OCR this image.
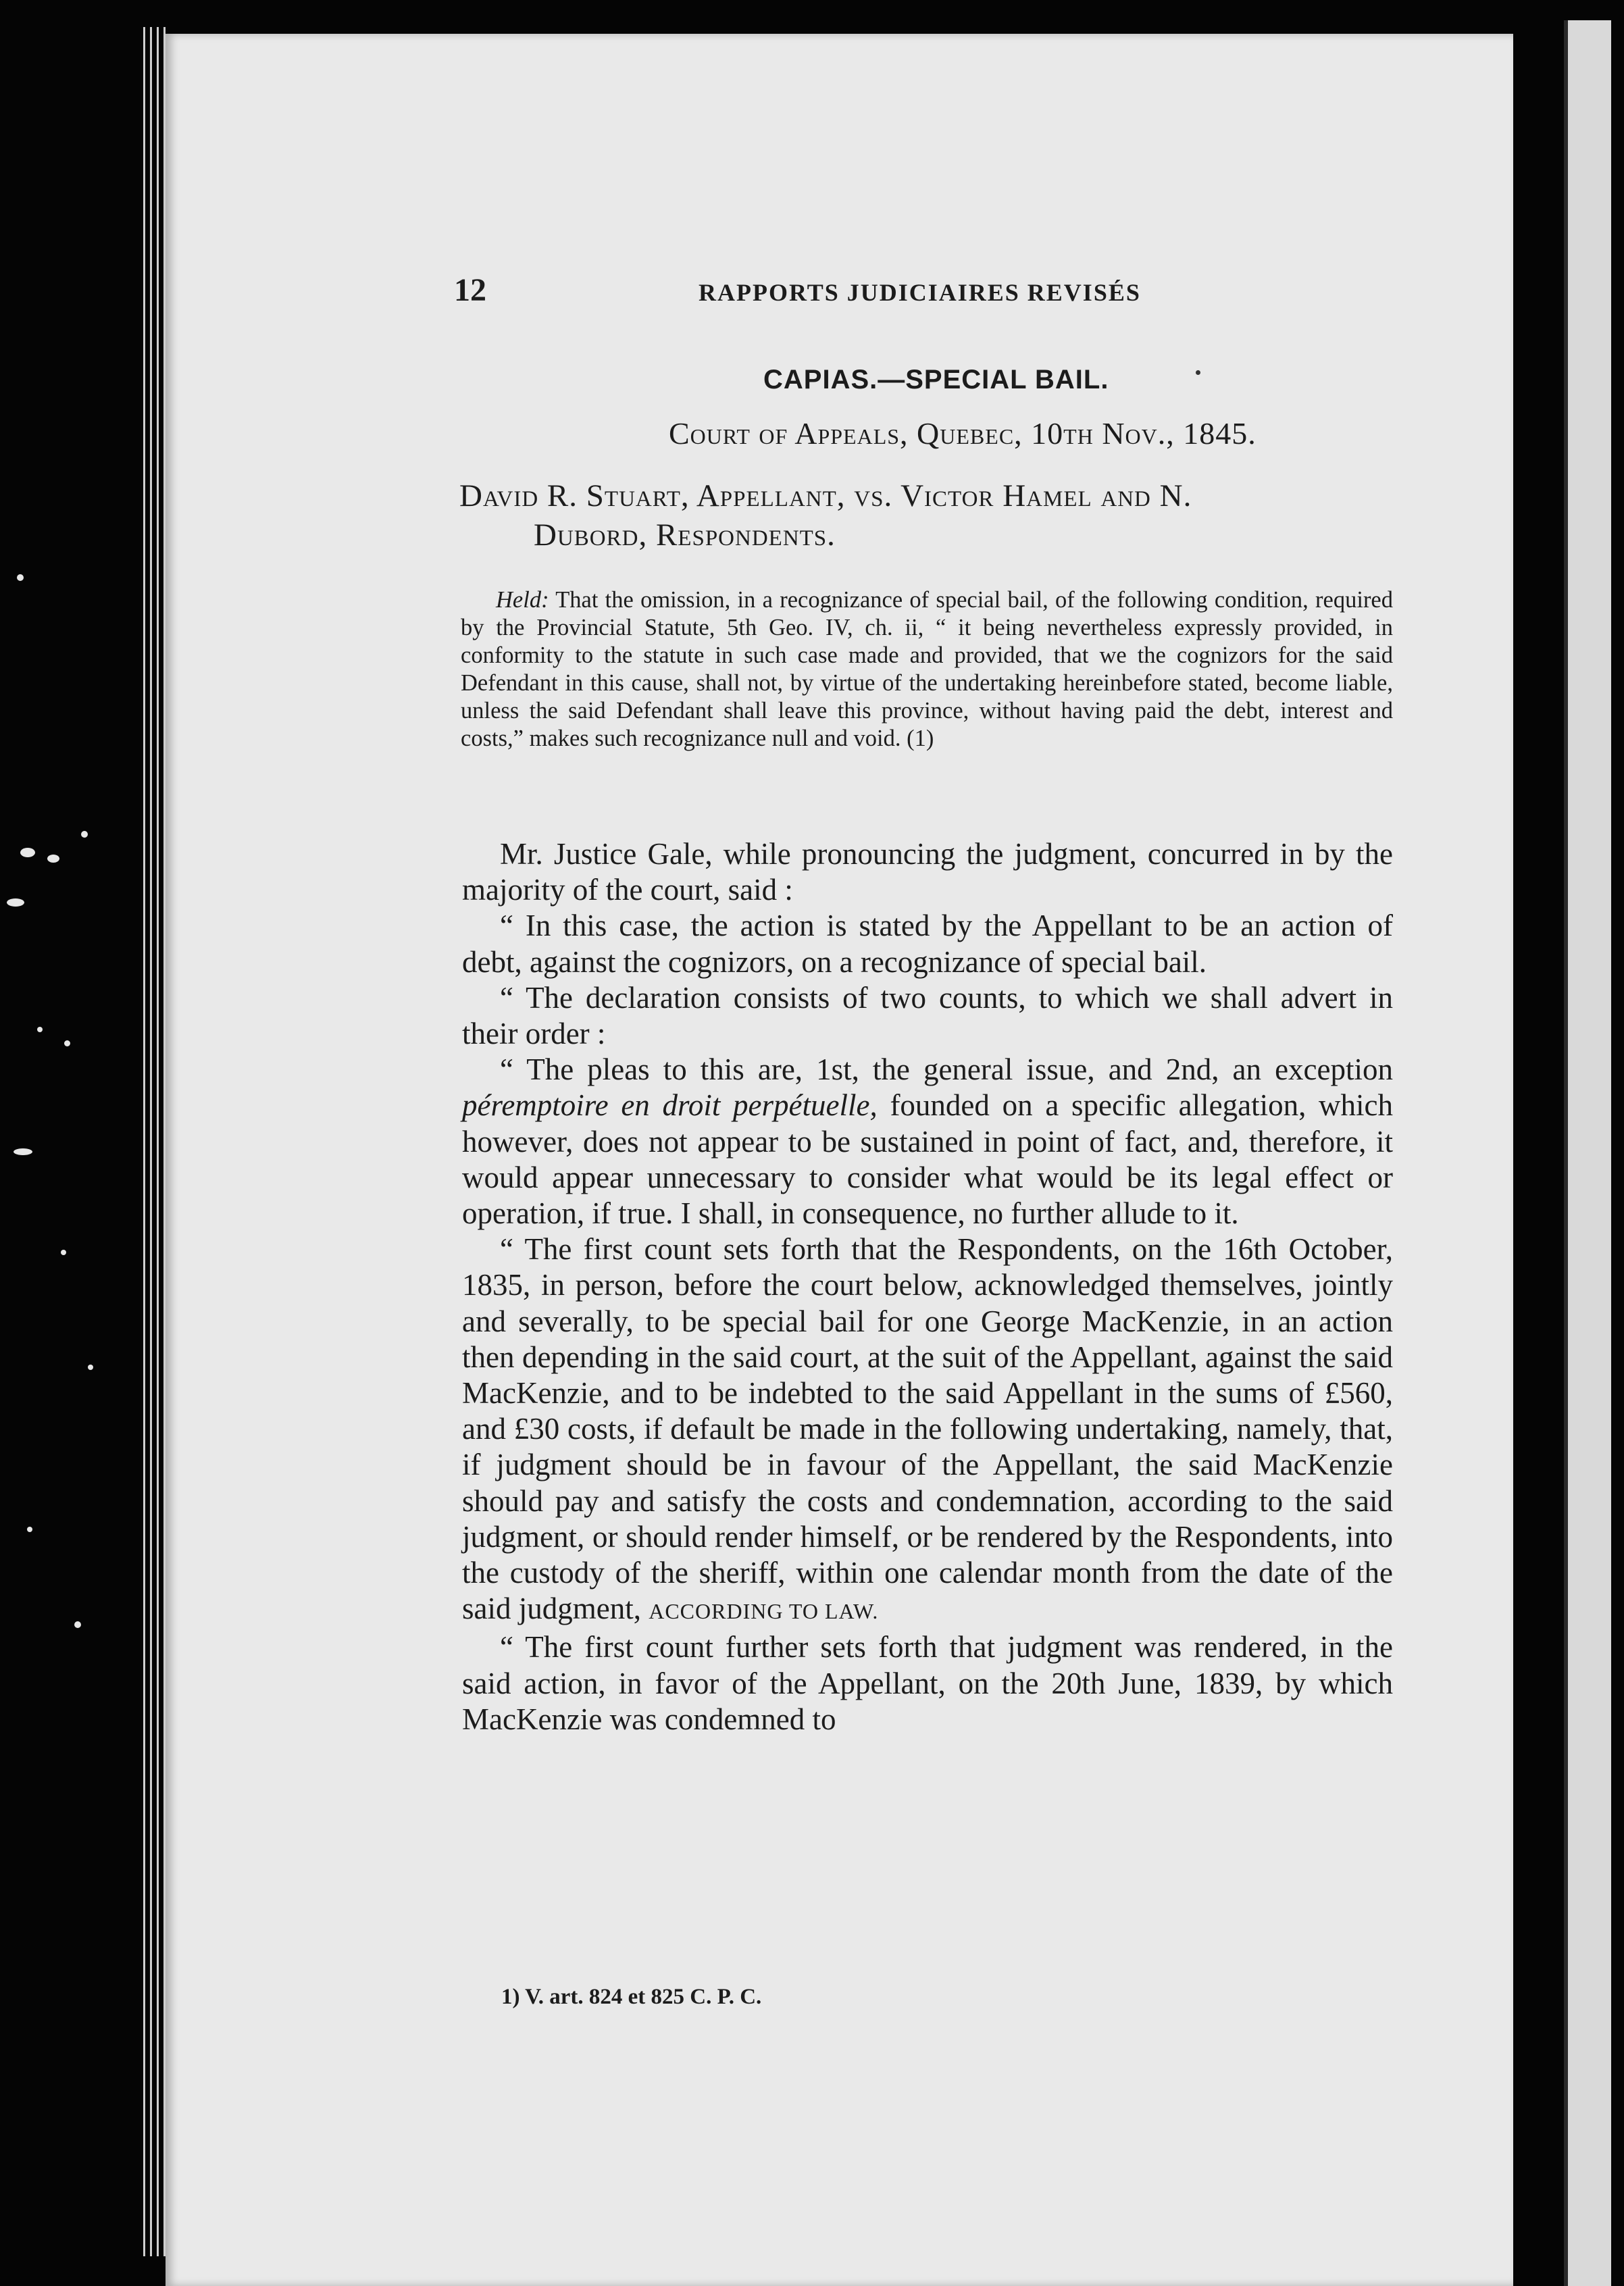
12	RAPPORTS JUDICIAIRES REVISÉS
CAPIAS.—SPECIAL BAIL.
Court of Appeals, Quebec, 10th Nov., 1845.
David R. Stuart, Appellant, vs. Victor Hamel and N.
Dubord, Respondents.
Held: That the omission, in a recognizance of special bail, of the following condition, required by the Provincial Statute, 5th Geo. IV, ch. ii, “ it being nevertheless expressly provided, in conformity to the statute in such case made and provided, that we the cognizors for the said Defendant in this cause, shall not, by virtue of the undertaking hereinbefore stated, become liable, unless the said Defendant shall leave this province, without having paid the debt, interest and costs,” makes such recognizance null and void. (1)

Mr. Justice Gale, while pronouncing the judgment, concurred in by the majority of the court, said :

“ In this case, the action is stated by the Appellant to be an action of debt, against the cognizors, on a recognizance of special bail.

“ The declaration consists of two counts, to which we shall advert in their order :

“ The pleas to this are, 1st, the general issue, and 2nd, an exception péremptoire en droit perpétuelle, founded on a specific allegation, which however, does not appear to be sustained in point of fact, and, therefore, it would appear unnecessary to consider what would be its legal effect or operation, if true. I shall, in consequence, no further allude to it.

“ The first count sets forth that the Respondents, on the 16th October, 1835, in person, before the court below, acknowledged themselves, jointly and severally, to be special bail for one George MacKenzie, in an action then depending in the said court, at the suit of the Appellant, against the said MacKenzie, and to be indebted to the said Appellant in the sums of £560, and £30 costs, if default be made in the following undertaking, namely, that, if judgment should be in favour of the Appellant, the said MacKenzie should pay and satisfy the costs and condemnation, according to the said judgment, or should render himself, or be rendered by the Respondents, into the custody of the sheriff, within one calendar month from the date of the said judgment, ACCORDING TO LAW.

“ The first count further sets forth that judgment was rendered, in the said action, in favor of the Appellant, on the 20th June, 1839, by which MacKenzie was condemned to

1) V. art. 824 et 825 C. P. C.
